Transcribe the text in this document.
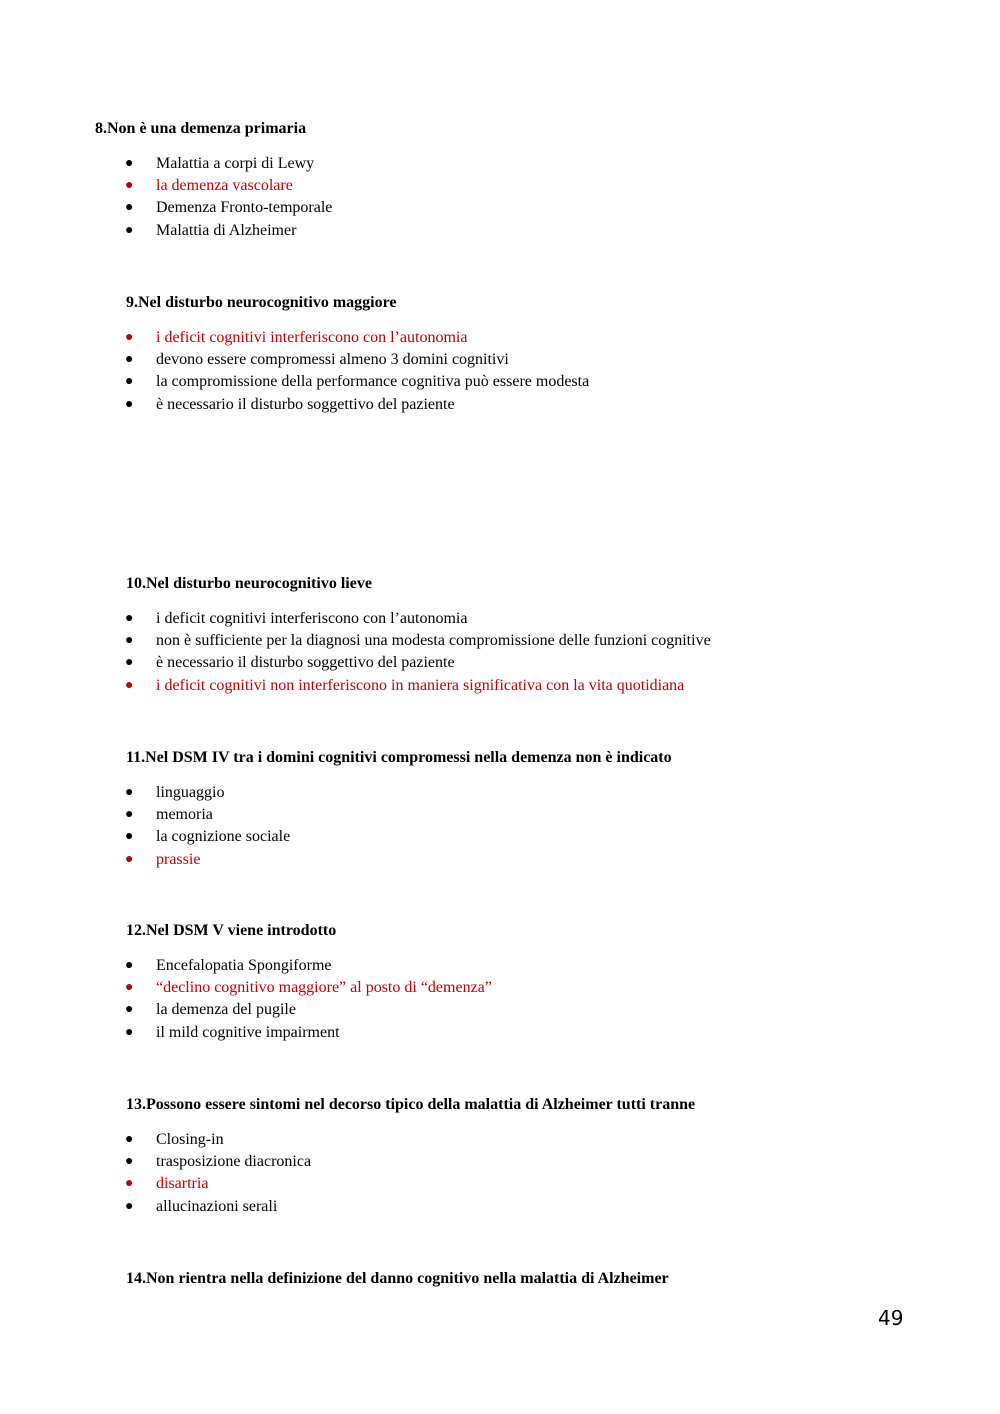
8.Non è una demenza primaria

● Malattia a corpi di Lewy
● la demenza vascolare
● Demenza Fronto-temporale
● Malattia di Alzheimer

9.Nel disturbo neurocognitivo maggiore

● i deficit cognitivi interferiscono con l’autonomia
● devono essere compromessi almeno 3 domini cognitivi
● la compromissione della performance cognitiva può essere modesta
● è necessario il disturbo soggettivo del paziente

10.Nel disturbo neurocognitivo lieve

● i deficit cognitivi interferiscono con l’autonomia
● non è sufficiente per la diagnosi una modesta compromissione delle funzioni cognitive
● è necessario il disturbo soggettivo del paziente
● i deficit cognitivi non interferiscono in maniera significativa con la vita quotidiana

11.Nel DSM IV tra i domini cognitivi compromessi nella demenza non è indicato

● linguaggio
● memoria
● la cognizione sociale
● prassie

12.Nel DSM V viene introdotto

● Encefalopatia Spongiforme
● “declino cognitivo maggiore” al posto di “demenza”
● la demenza del pugile
● il mild cognitive impairment

13.Possono essere sintomi nel decorso tipico della malattia di Alzheimer tutti tranne

● Closing-in
● trasposizione diacronica
● disartria
● allucinazioni serali

14.Non rientra nella definizione del danno cognitivo nella malattia di Alzheimer

49
